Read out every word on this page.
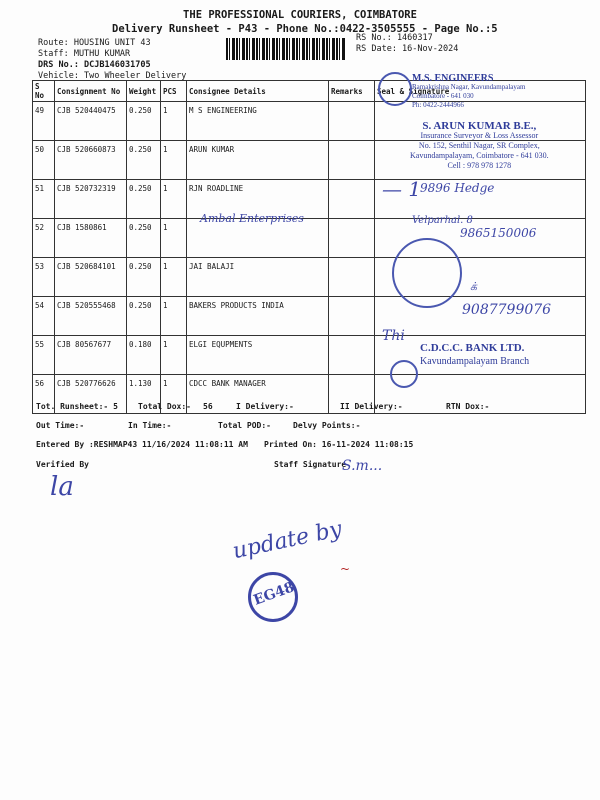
THE PROFESSIONAL COURIERS, COIMBATORE
Delivery Runsheet - P43 - Phone No.:0422-3505555 - Page No.:5
Route: HOUSING UNIT 43
Staff: MUTHU KUMAR
DRS No.: DCJB146031705
Vehicle: Two Wheeler Delivery
RS No.: 1460317
RS Date: 16-Nov-2024
S No	Consignment No	Weight	PCS	Consignee Details	Remarks	Seal & Signature
49	CJB 520440475	0.250	1	M S ENGINEERING		
50	CJB 520660873	0.250	1	ARUN KUMAR		
51	CJB 520732319	0.250	1	RJN ROADLINE		
52	CJB 1580861	0.250	1			
53	CJB 520684101	0.250	1	JAI BALAJI		
54	CJB 520555468	0.250	1	BAKERS PRODUCTS INDIA		
55	CJB 80567677	0.180	1	ELGI EQUPMENTS		
56	CJB 520776626	1.130	1	CDCC BANK MANAGER		
M.S. ENGINEERS
Ramakrishna Nagar, Kavundampalayam
Coimbatore - 641 030
Ph: 0422-2444966
S. ARUN KUMAR B.E.,
Insurance Surveyor & Loss Assessor
No. 152, Senthil Nagar, SR Complex,
Kavundampalayam, Coimbatore - 641 030.
Cell : 978 978 1278
— 1
9896 Hedge
Ambal Enterprises	Velparhal. 8
9865150006
க்
9087799076
Thi
C.D.C.C. BANK LTD.
Kavundampalayam Branch
Tot. Runsheet:- 5	Total Dox:- 56	I Delivery:-	II Delivery:-	RTN Dox:-
Out Time:-	In Time:-	Total POD:-	Delvy Points:-
Entered By :RESHMAP43 11/16/2024 11:08:11 AM Printed On: 16-11-2024 11:08:15
Verified By	Staff Signature
la
S.m...
update by
EG48
~
